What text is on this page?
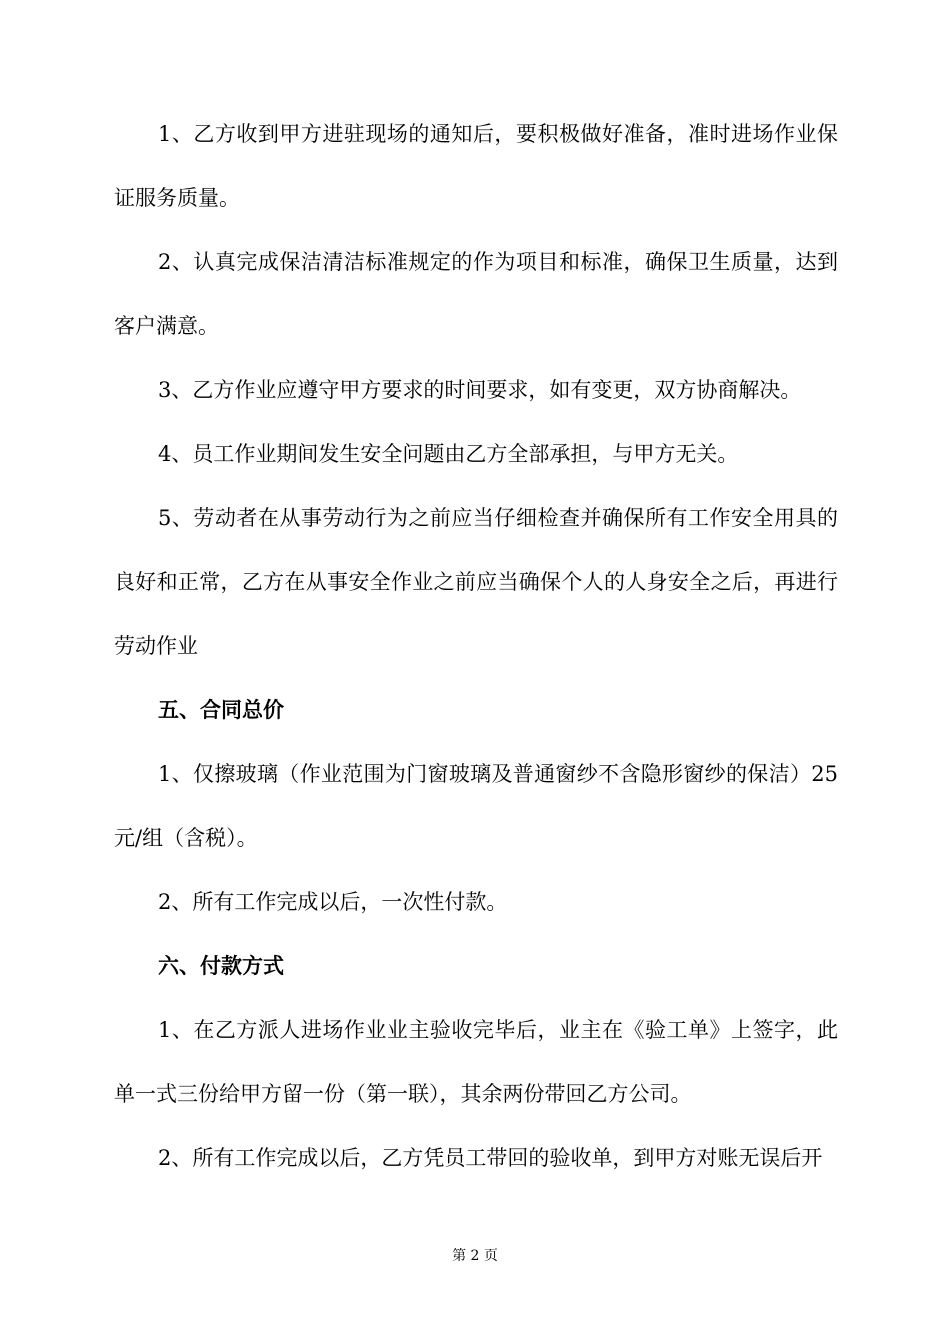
1、乙方收到甲方进驻现场的通知后，要积极做好准备，准时进场作业保证服务质量。

2、认真完成保洁清洁标准规定的作为项目和标准，确保卫生质量，达到客户满意。

3、乙方作业应遵守甲方要求的时间要求，如有变更，双方协商解决。

4、员工作业期间发生安全问题由乙方全部承担，与甲方无关。

5、劳动者在从事劳动行为之前应当仔细检查并确保所有工作安全用具的良好和正常，乙方在从事安全作业之前应当确保个人的人身安全之后，再进行劳动作业

五、合同总价

1、仅擦玻璃（作业范围为门窗玻璃及普通窗纱不含隐形窗纱的保洁）25元/组（含税）。

2、所有工作完成以后，一次性付款。

六、付款方式

1、在乙方派人进场作业业主验收完毕后，业主在《验工单》上签字，此单一式三份给甲方留一份（第一联），其余两份带回乙方公司。

2、所有工作完成以后，乙方凭员工带回的验收单，到甲方对账无误后开

第 2 页
